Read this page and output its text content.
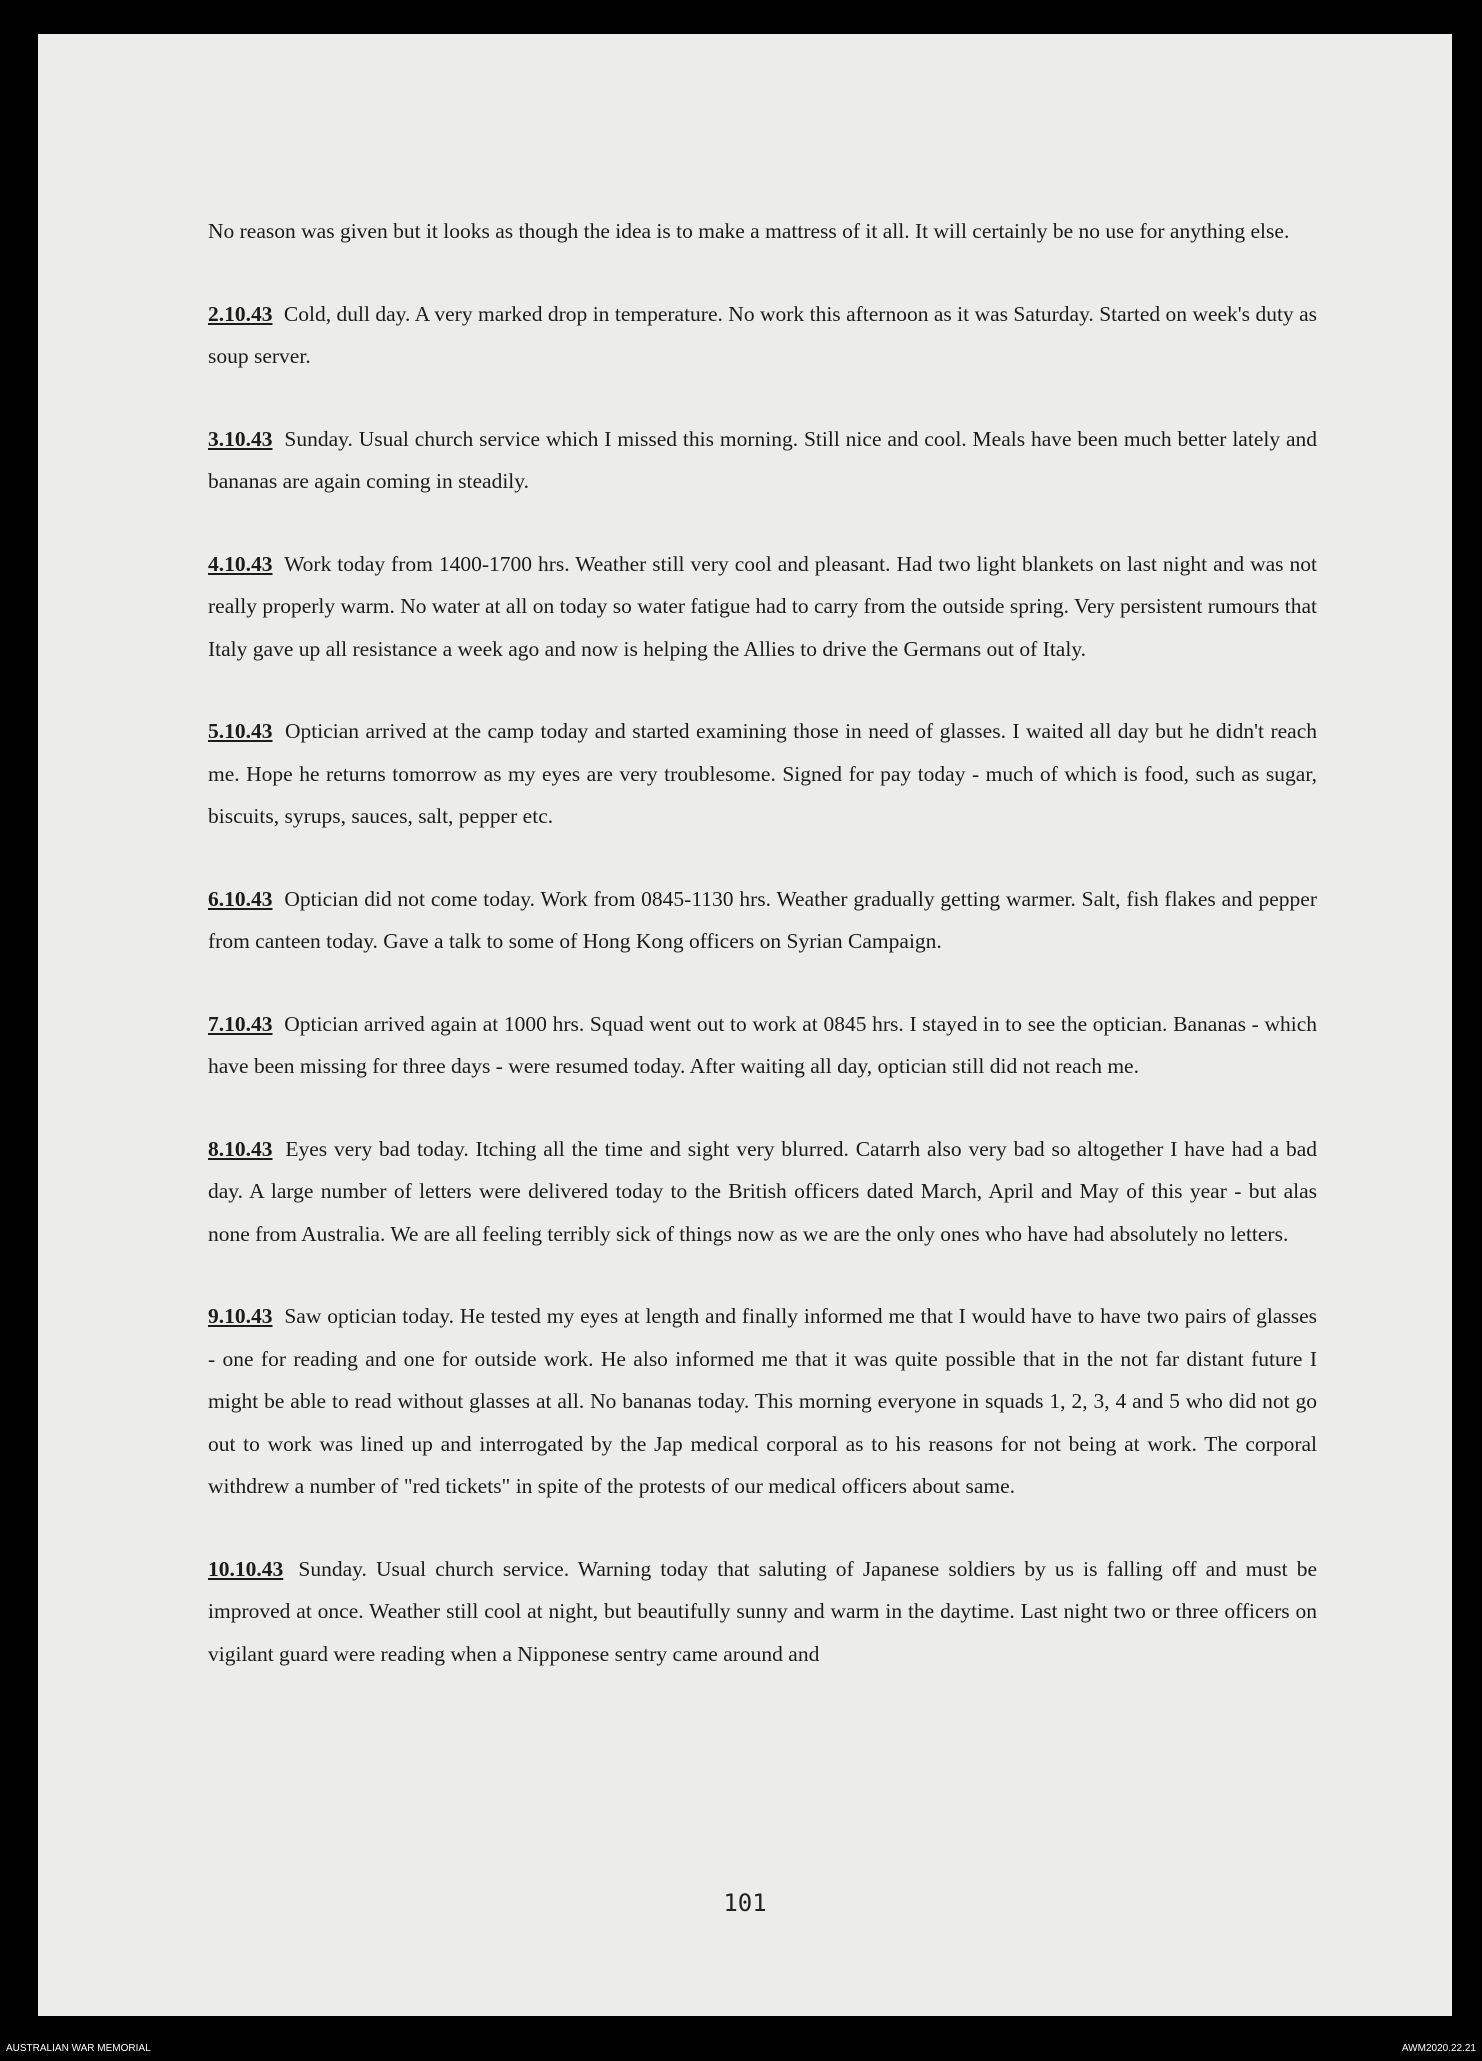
No reason was given but it looks as though the idea is to make a mattress of it all. It will certainly be no use for anything else.

2.10.43 Cold, dull day. A very marked drop in temperature. No work this afternoon as it was Saturday. Started on week's duty as soup server.

3.10.43 Sunday. Usual church service which I missed this morning. Still nice and cool. Meals have been much better lately and bananas are again coming in steadily.

4.10.43 Work today from 1400-1700 hrs. Weather still very cool and pleasant. Had two light blankets on last night and was not really properly warm. No water at all on today so water fatigue had to carry from the outside spring. Very persistent rumours that Italy gave up all resistance a week ago and now is helping the Allies to drive the Germans out of Italy.

5.10.43 Optician arrived at the camp today and started examining those in need of glasses. I waited all day but he didn't reach me. Hope he returns tomorrow as my eyes are very troublesome. Signed for pay today - much of which is food, such as sugar, biscuits, syrups, sauces, salt, pepper etc.

6.10.43 Optician did not come today. Work from 0845-1130 hrs. Weather gradually getting warmer. Salt, fish flakes and pepper from canteen today. Gave a talk to some of Hong Kong officers on Syrian Campaign.

7.10.43 Optician arrived again at 1000 hrs. Squad went out to work at 0845 hrs. I stayed in to see the optician. Bananas - which have been missing for three days - were resumed today. After waiting all day, optician still did not reach me.

8.10.43 Eyes very bad today. Itching all the time and sight very blurred. Catarrh also very bad so altogether I have had a bad day. A large number of letters were delivered today to the British officers dated March, April and May of this year - but alas none from Australia. We are all feeling terribly sick of things now as we are the only ones who have had absolutely no letters.

9.10.43 Saw optician today. He tested my eyes at length and finally informed me that I would have to have two pairs of glasses - one for reading and one for outside work. He also informed me that it was quite possible that in the not far distant future I might be able to read without glasses at all. No bananas today. This morning everyone in squads 1, 2, 3, 4 and 5 who did not go out to work was lined up and interrogated by the Jap medical corporal as to his reasons for not being at work. The corporal withdrew a number of "red tickets" in spite of the protests of our medical officers about same.

10.10.43 Sunday. Usual church service. Warning today that saluting of Japanese soldiers by us is falling off and must be improved at once. Weather still cool at night, but beautifully sunny and warm in the daytime. Last night two or three officers on vigilant guard were reading when a Nipponese sentry came around and

101
AUSTRALIAN WAR MEMORIAL	AWM2020.22.21
